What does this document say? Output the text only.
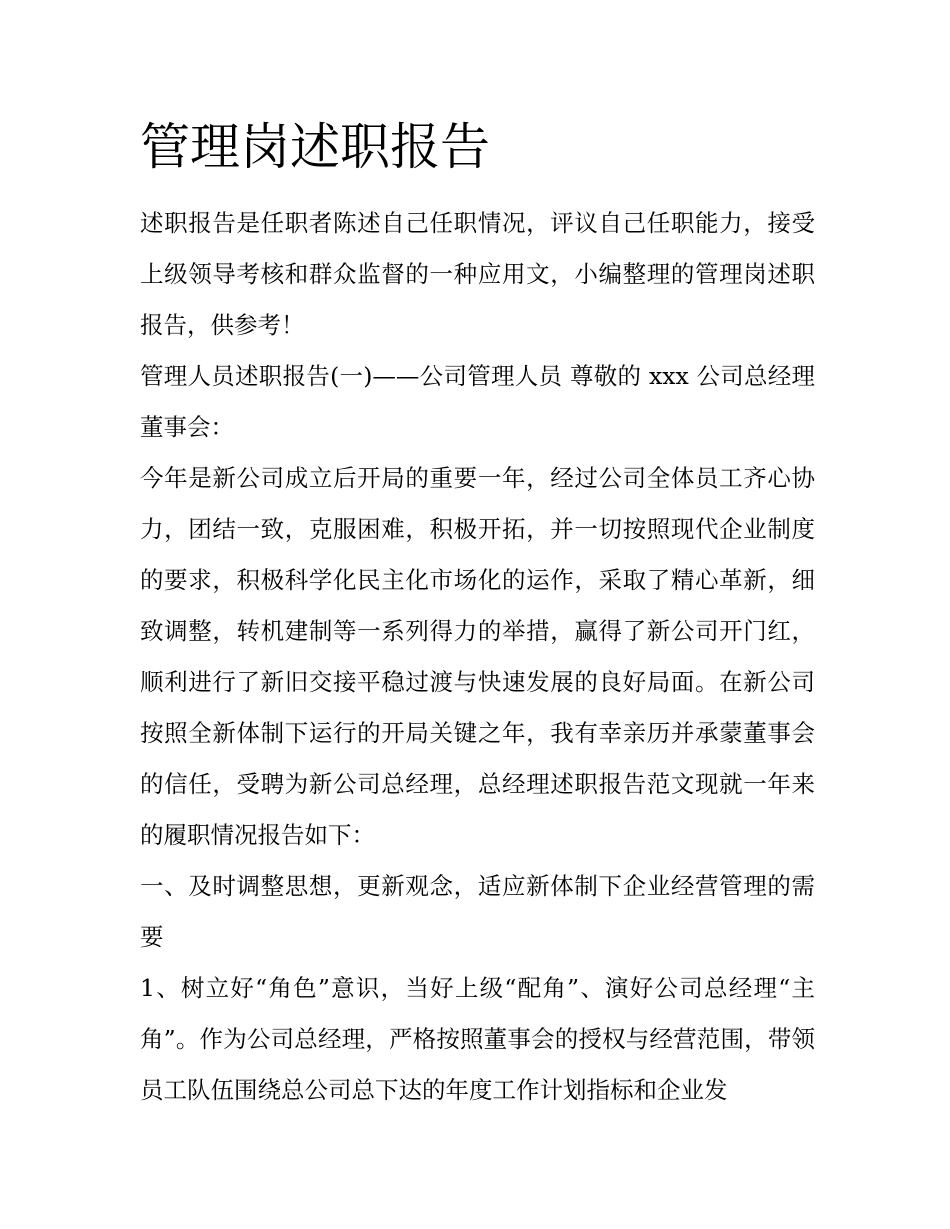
管理岗述职报告

述职报告是任职者陈述自己任职情况，评议自己任职能力，接受上级领导考核和群众监督的一种应用文，小编整理的管理岗述职报告，供参考！

管理人员述职报告(一)——公司管理人员 尊敬的 xxx 公司总经理董事会：

今年是新公司成立后开局的重要一年，经过公司全体员工齐心协力，团结一致，克服困难，积极开拓，并一切按照现代企业制度的要求，积极科学化民主化市场化的运作，采取了精心革新，细致调整，转机建制等一系列得力的举措，赢得了新公司开门红，顺利进行了新旧交接平稳过渡与快速发展的良好局面。在新公司按照全新体制下运行的开局关键之年，我有幸亲历并承蒙董事会的信任，受聘为新公司总经理，总经理述职报告范文现就一年来的履职情况报告如下：

一、及时调整思想，更新观念，适应新体制下企业经营管理的需要

1、树立好“角色”意识，当好上级“配角”、演好公司总经理“主角”。作为公司总经理，严格按照董事会的授权与经营范围，带领员工队伍围绕总公司总下达的年度工作计划指标和企业发
